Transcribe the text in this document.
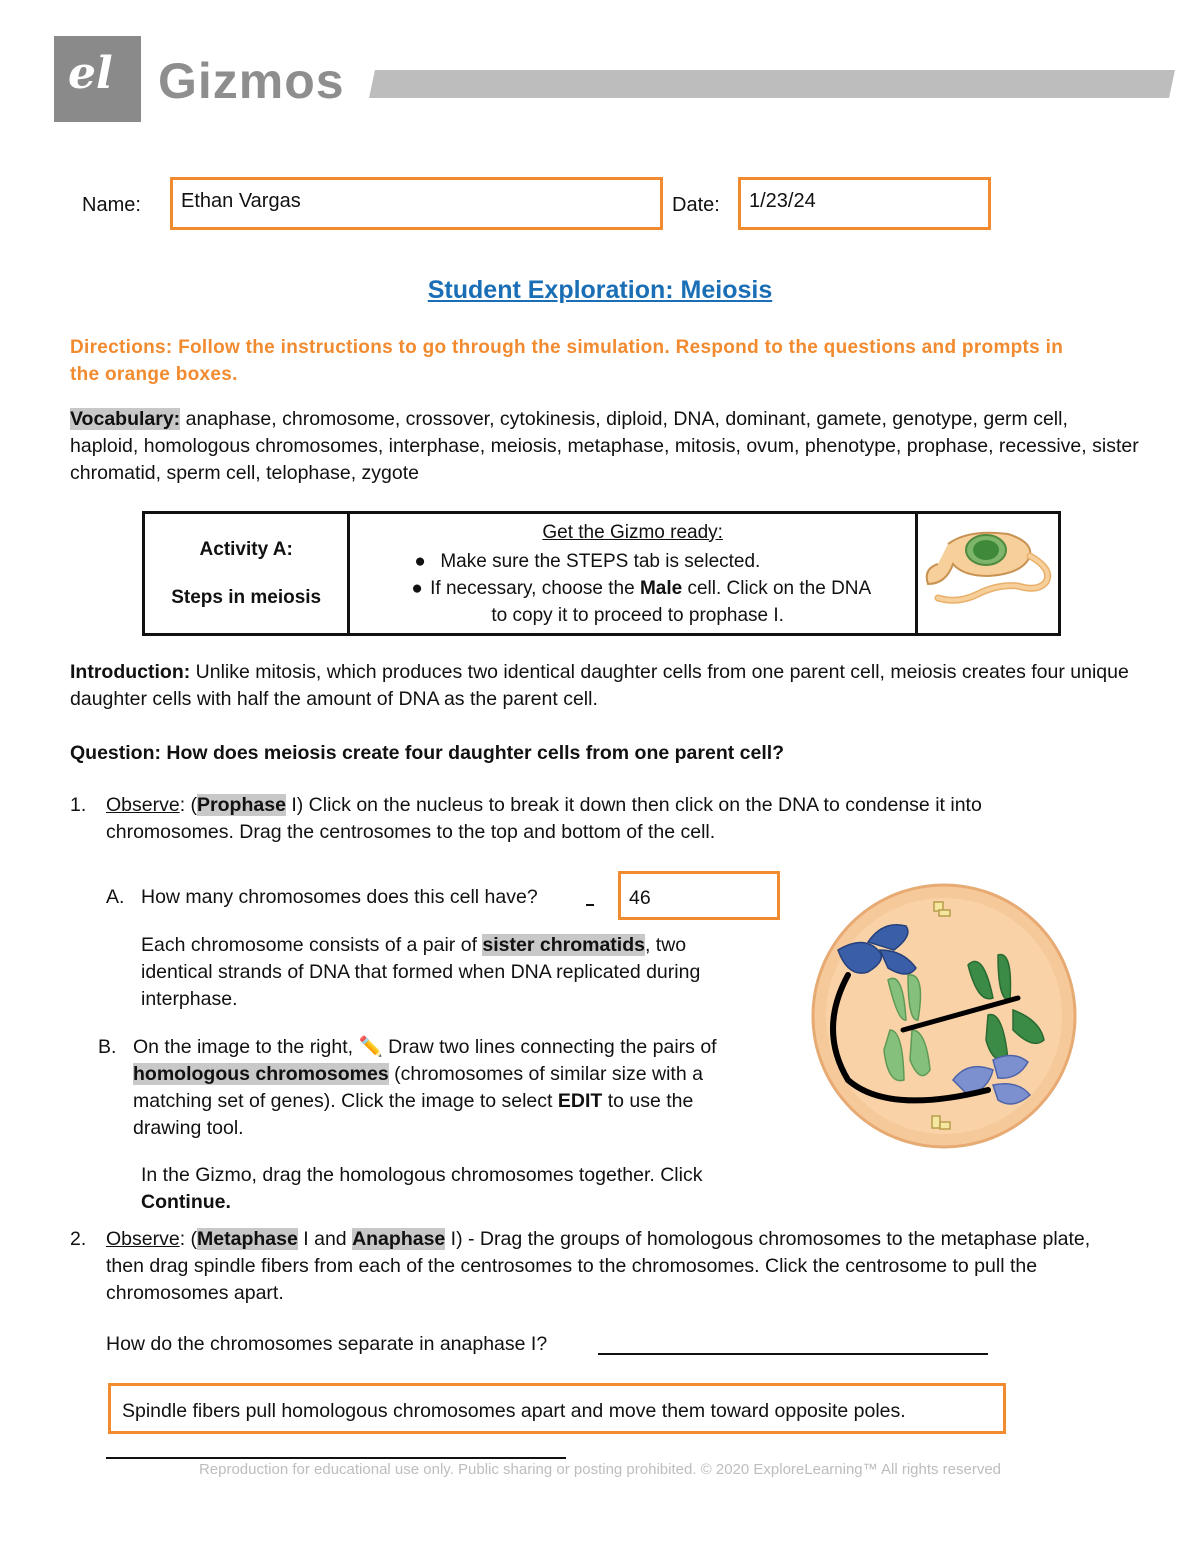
el Gizmos
Name:	Ethan Vargas	Date:	1/23/24
Student Exploration: Meiosis
Directions: Follow the instructions to go through the simulation. Respond to the questions and prompts in the orange boxes.
Vocabulary: anaphase, chromosome, crossover, cytokinesis, diploid, DNA, dominant, gamete, genotype, germ cell, haploid, homologous chromosomes, interphase, meiosis, metaphase, mitosis, ovum, phenotype, prophase, recessive, sister chromatid, sperm cell, telophase, zygote
Activity A:
Steps in meiosis

Get the Gizmo ready:
● Make sure the STEPS tab is selected.
● If necessary, choose the Male cell. Click on the DNA to copy it to proceed to prophase I.

Introduction: Unlike mitosis, which produces two identical daughter cells from one parent cell, meiosis creates four unique daughter cells with half the amount of DNA as the parent cell.
Question: How does meiosis create four daughter cells from one parent cell?
1. Observe: (Prophase I) Click on the nucleus to break it down then click on the DNA to condense it into chromosomes. Drag the centrosomes to the top and bottom of the cell.
A. How many chromosomes does this cell have?	46
Each chromosome consists of a pair of sister chromatids, two identical strands of DNA that formed when DNA replicated during interphase.
B. On the image to the right, ✏️ Draw two lines connecting the pairs of homologous chromosomes (chromosomes of similar size with a matching set of genes). Click the image to select EDIT to use the drawing tool.
In the Gizmo, drag the homologous chromosomes together. Click Continue.
2. Observe: (Metaphase I and Anaphase I) - Drag the groups of homologous chromosomes to the metaphase plate, then drag spindle fibers from each of the centrosomes to the chromosomes. Click the centrosome to pull the chromosomes apart.
How do the chromosomes separate in anaphase I?
Spindle fibers pull homologous chromosomes apart and move them toward opposite poles.
Reproduction for educational use only. Public sharing or posting prohibited. © 2020 ExploreLearning™ All rights reserved
